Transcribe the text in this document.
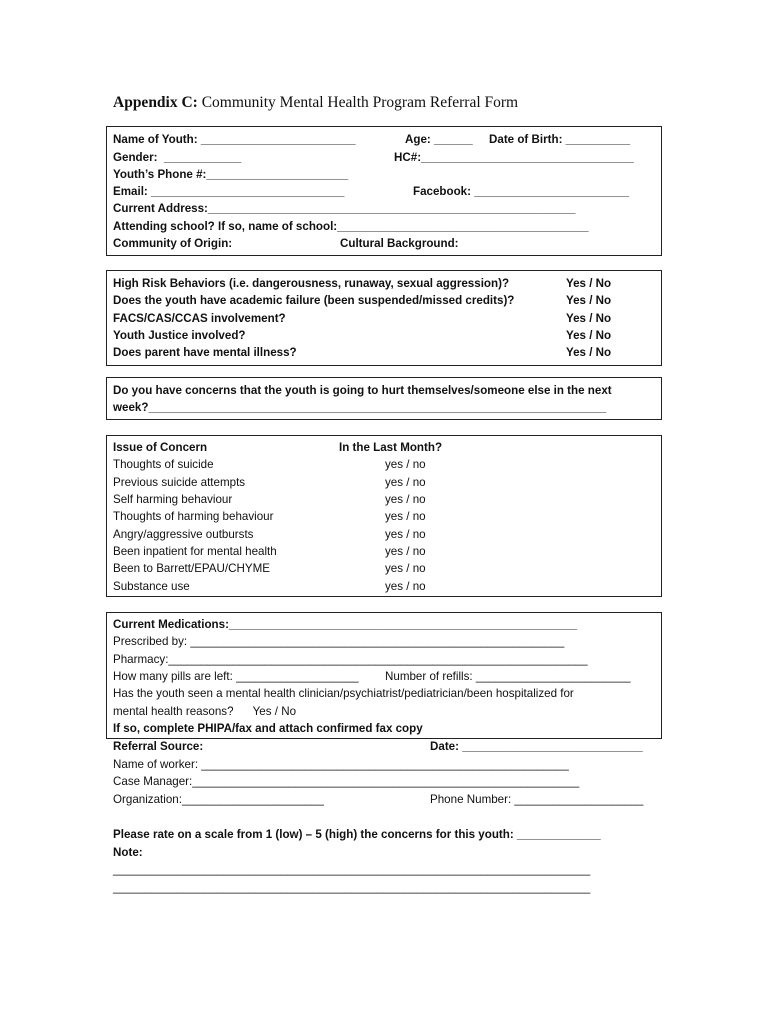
Appendix C: Community Mental Health Program Referral Form
Name of Youth: ________________________	Age: ______ Date of Birth: __________
Gender:  ____________	HC#:_________________________________
Youth’s Phone #:______________________
Email: ______________________________	Facebook: ________________________
Current Address:_________________________________________________________
Attending school? If so, name of school:_______________________________________
Community of Origin:	Cultural Background:
High Risk Behaviors (i.e. dangerousness, runaway, sexual aggression)?	Yes / No
Does the youth have academic failure (been suspended/missed credits)?	Yes / No
FACS/CAS/CCAS involvement?	Yes / No
Youth Justice involved?	Yes / No
Does parent have mental illness?	Yes / No
Do you have concerns that the youth is going to hurt themselves/someone else in the next
week?_______________________________________________________________________
Issue of Concern	In the Last Month?
Thoughts of suicide	yes / no
Previous suicide attempts	yes / no
Self harming behaviour	yes / no
Thoughts of harming behaviour	yes / no
Angry/aggressive outbursts	yes / no
Been inpatient for mental health	yes / no
Been to Barrett/EPAU/CHYME	yes / no
Substance use	yes / no
Current Medications:______________________________________________________
Prescribed by: __________________________________________________________
Pharmacy:_________________________________________________________________
How many pills are left: ___________________ Number of refills: ________________________
Has the youth seen a mental health clinician/psychiatrist/pediatrician/been hospitalized for
mental health reasons?      Yes / No
If so, complete PHIPA/fax and attach confirmed fax copy
Referral Source:	Date: ____________________________
Name of worker: _________________________________________________________
Case Manager:____________________________________________________________
Organization:______________________	Phone Number: ____________________
Please rate on a scale from 1 (low) – 5 (high) the concerns for this youth: _____________
Note:
__________________________________________________________________________
__________________________________________________________________________
